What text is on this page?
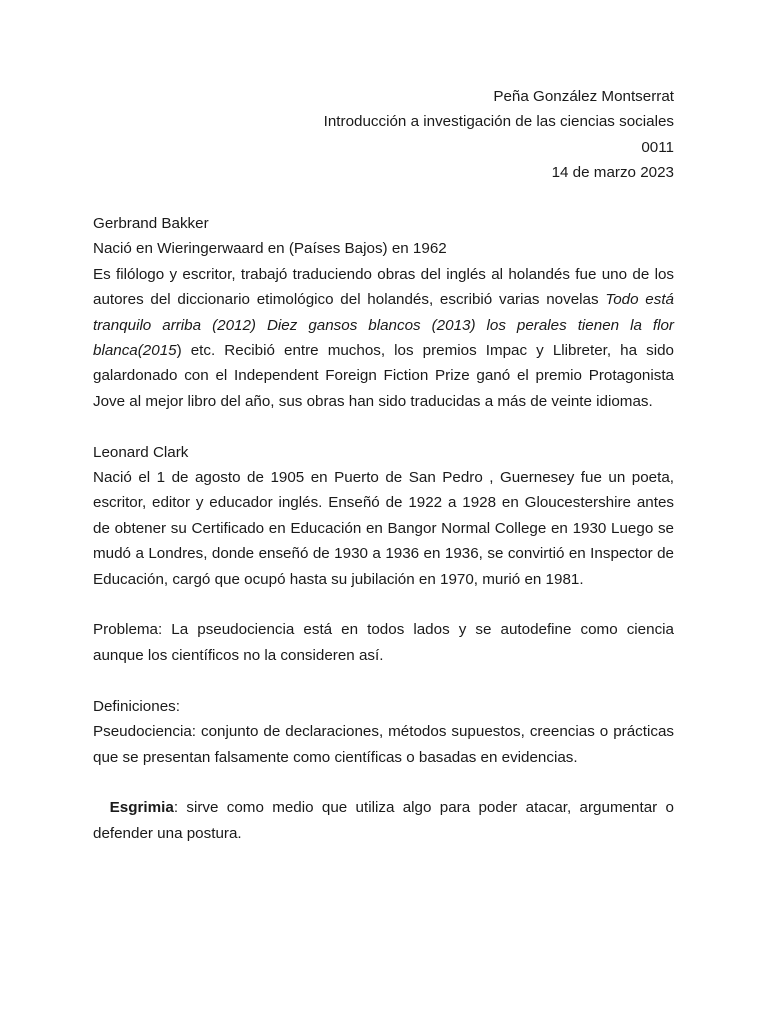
Peña González Montserrat
Introducción a investigación de las ciencias sociales
0011
14 de marzo 2023
Gerbrand Bakker
Nació en Wieringerwaard en (Países Bajos) en 1962

Es filólogo y escritor, trabajó traduciendo obras del inglés al holandés fue uno de los autores del diccionario etimológico del holandés, escribió varias novelas Todo está tranquilo arriba (2012) Diez gansos blancos (2013) los perales tienen la flor blanca(2015) etc. Recibió entre muchos, los premios Impac y Llibreter, ha sido galardonado con el Independent Foreign Fiction Prize ganó el premio Protagonista Jove al mejor libro del año, sus obras han sido traducidas a más de veinte idiomas.

Leonard Clark

Nació el 1 de agosto de 1905 en Puerto de San Pedro , Guernesey fue un poeta, escritor, editor y educador inglés. Enseñó de 1922 a 1928 en Gloucestershire antes de obtener su Certificado en Educación en Bangor Normal College en 1930 Luego se mudó a Londres, donde enseñó de 1930 a 1936 en 1936, se convirtió en Inspector de Educación, cargó que ocupó hasta su jubilación en 1970, murió en 1981.

Problema: La pseudociencia está en todos lados y se autodefine como ciencia aunque los científicos no la consideren así.

Definiciones:

Pseudociencia: conjunto de declaraciones, métodos supuestos, creencias o prácticas que se presentan falsamente como científicas o basadas en evidencias.

Esgrimia: sirve como medio que utiliza algo para poder atacar, argumentar o defender una postura.
